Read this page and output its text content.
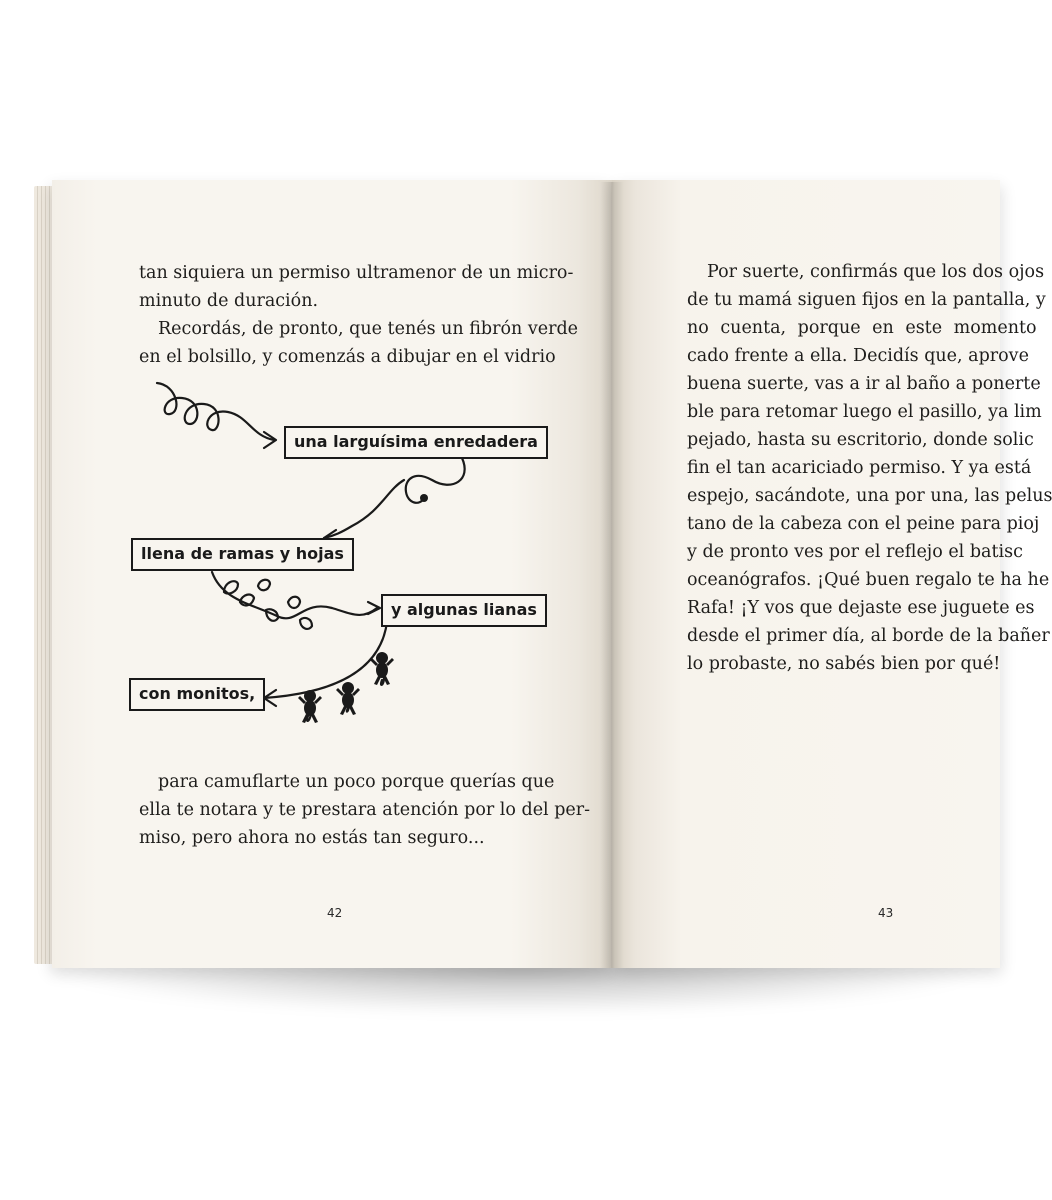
tan siquiera un permiso ultramenor de un micro-
minuto de duración.
Recordás, de pronto, que tenés un fibrón verde
en el bolsillo, y comenzás a dibujar en el vidrio
una larguísima enredadera
llena de ramas y hojas
y algunas lianas
con monitos,
para camuflarte un poco porque querías que
ella te notara y te prestara atención por lo del per-
miso, pero ahora no estás tan seguro...
42
Por suerte, confirmás que los dos ojos
de tu mamá siguen fijos en la pantalla, y
no cuenta, porque en este momento
cado frente a ella. Decidís que, aprove
buena suerte, vas a ir al baño a ponerte
ble para retomar luego el pasillo, ya lim
pejado, hasta su escritorio, donde solic
fin el tan acariciado permiso. Y ya está
espejo, sacándote, una por una, las pelus
tano de la cabeza con el peine para pioj
y de pronto ves por el reflejo el batisc
oceanógrafos. ¡Qué buen regalo te ha he
Rafa! ¡Y vos que dejaste ese juguete es
desde el primer día, al borde de la bañer
lo probaste, no sabés bien por qué!
43
